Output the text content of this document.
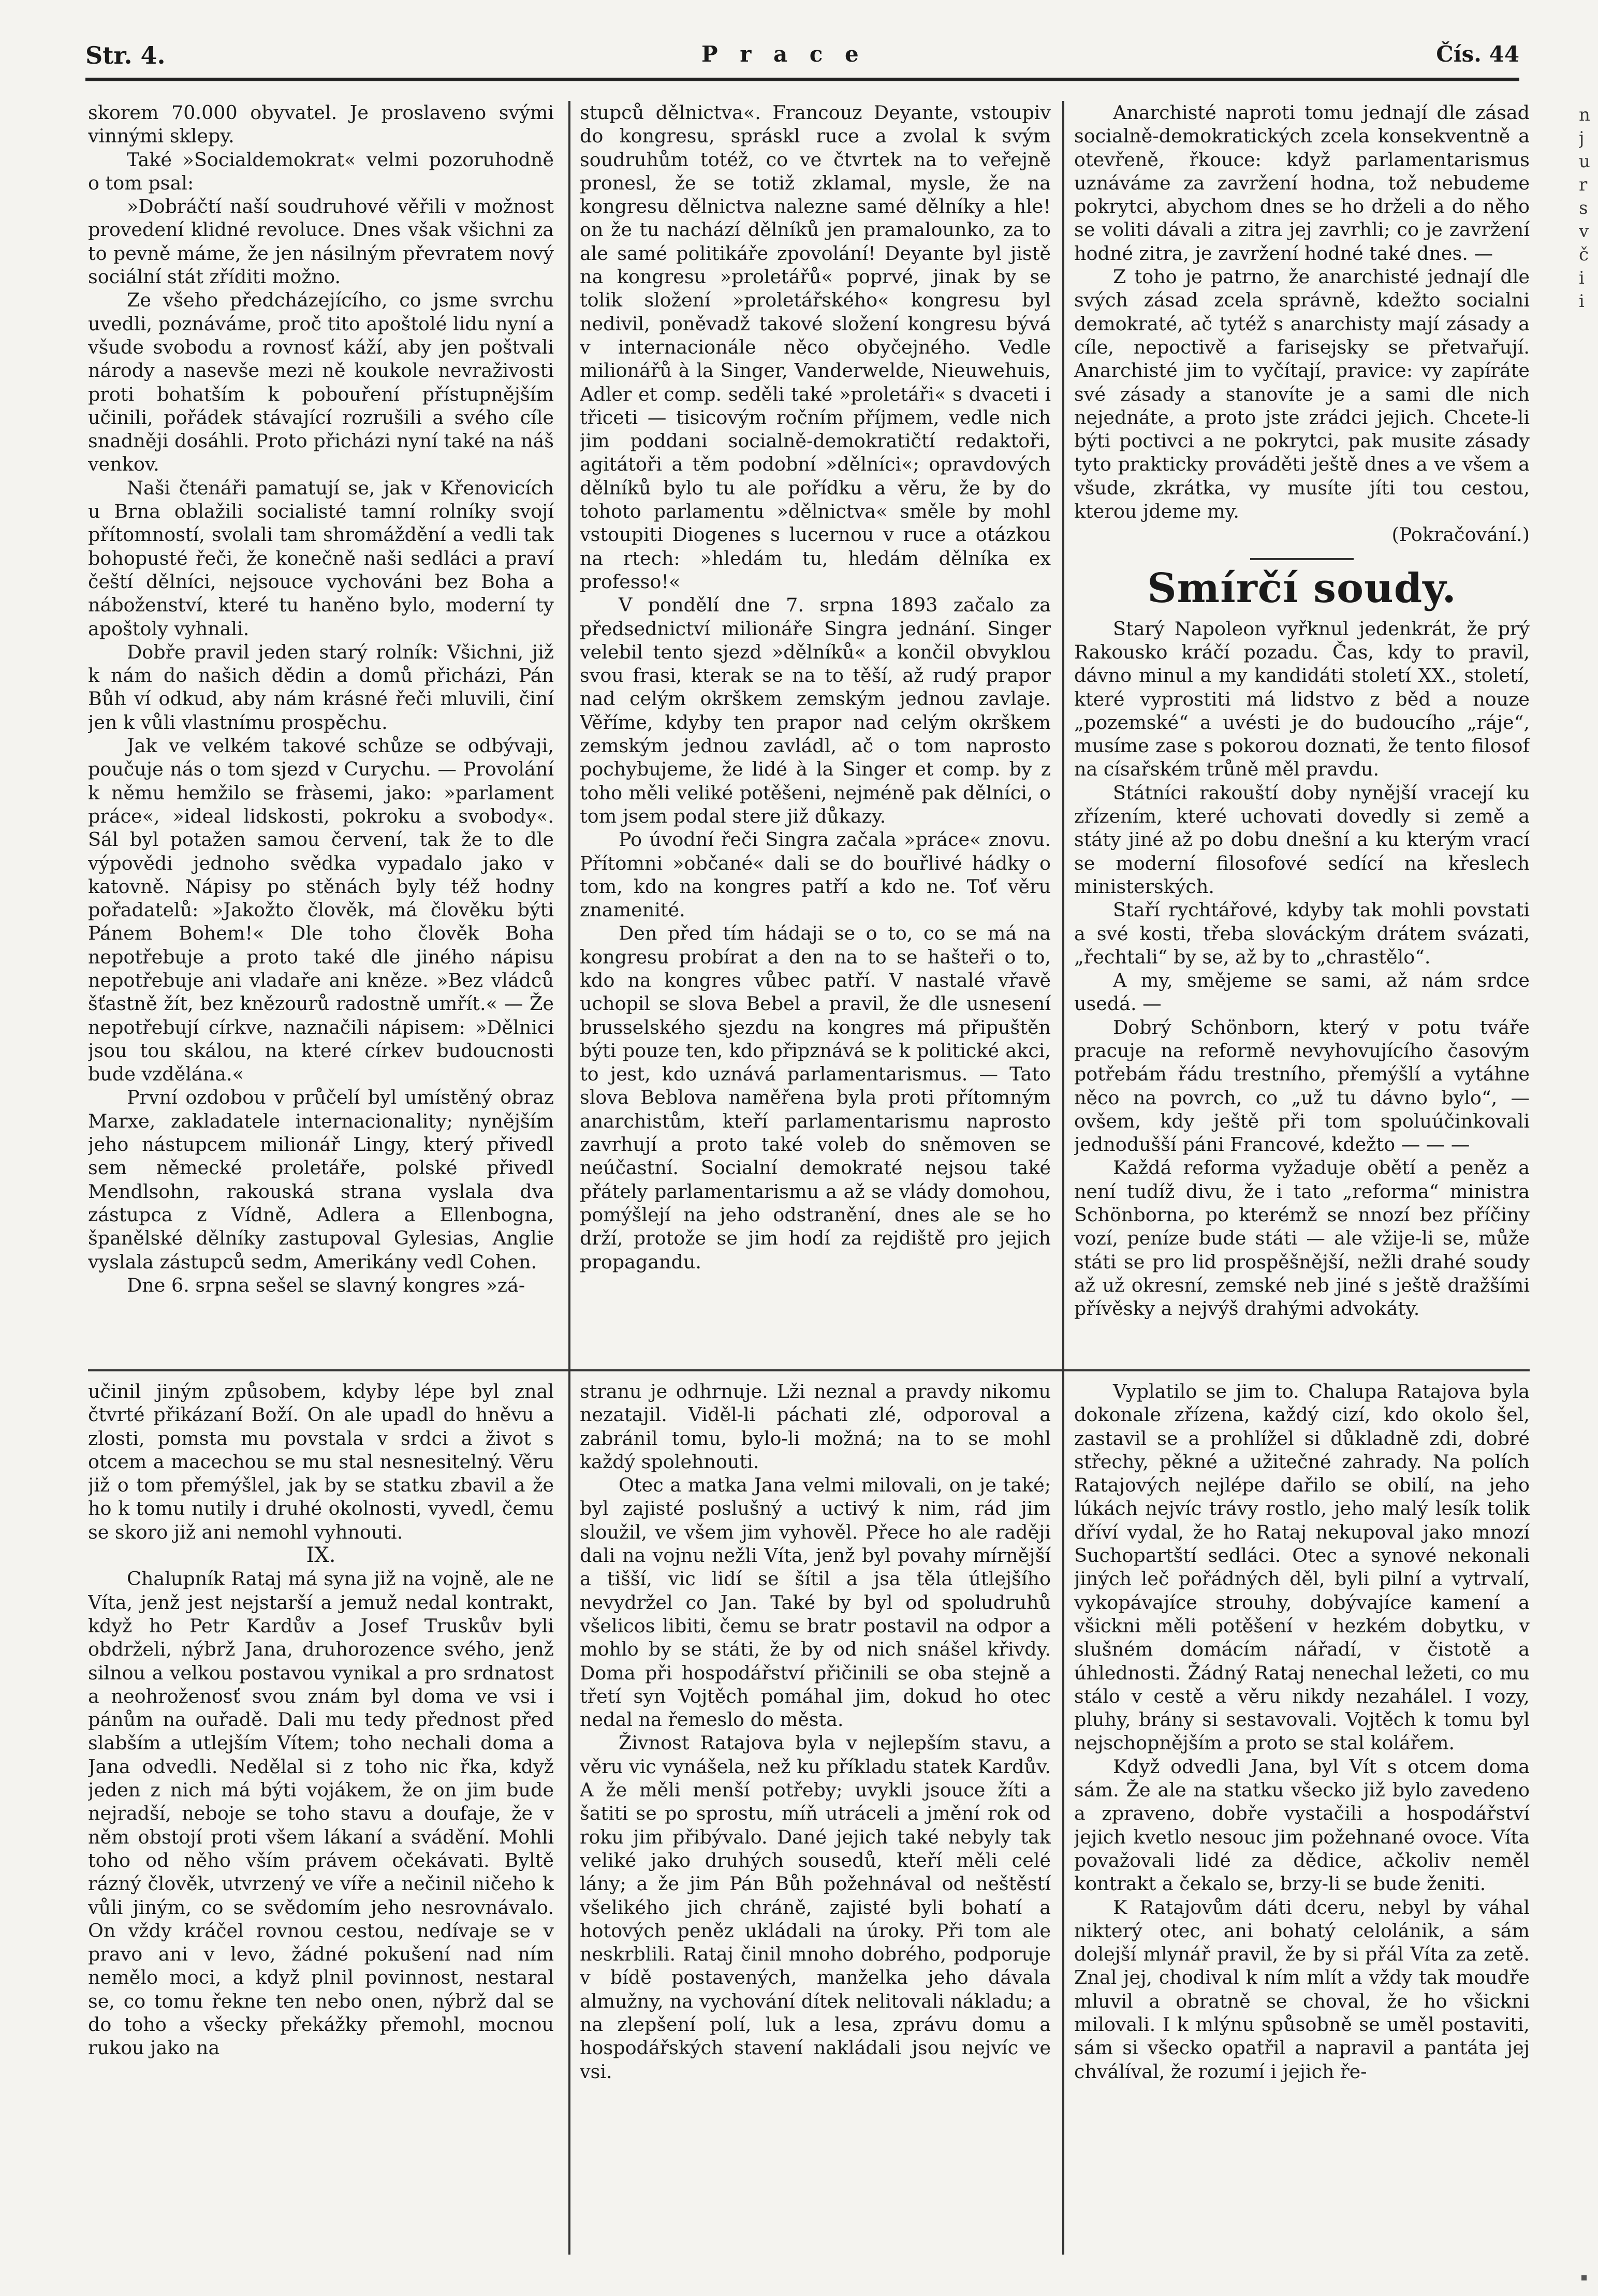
Str. 4.	P r a c e	Čís. 44

skorem 70.000 obyvatel. Je proslaveno svými vinnými sklepy.

Také »Socialdemokrat« velmi pozoruhodně o tom psal:

»Dobráčtí naší soudruhové věřili v možnost provedení klidné revoluce. Dnes však všichni za to pevně máme, že jen násilným převratem nový sociální stát zříditi možno.

Ze všeho předcházejícího, co jsme svrchu uvedli, poznáváme, proč tito apoštolé lidu nyní a všude svobodu a rovnosť káží, aby jen poštvali národy a nasevše mezi ně koukole nevraživosti proti bohatším k pobouření přístupnějším učinili, pořádek stávající rozrušili a svého cíle snadněji dosáhli. Proto přicházi nyní také na náš venkov.

Naši čtenáři pamatují se, jak v Křenovicích u Brna oblažili socialisté tamní rolníky svojí přítomností, svolali tam shromáždění a vedli tak bohopusté řeči, že konečně naši sedláci a praví čeští dělníci, nejsouce vychováni bez Boha a náboženství, které tu haněno bylo, moderní ty apoštoly vyhnali.

Dobře pravil jeden starý rolník: Všichni, již k nám do našich dědin a domů přicházi, Pán Bůh ví odkud, aby nám krásné řeči mluvili, činí jen k vůli vlastnímu prospěchu.

Jak ve velkém takové schůze se odbývaji, poučuje nás o tom sjezd v Curychu. — Provolání k němu hemžilo se fràsemi, jako: »parlament práce«, »ideal lidskosti, pokroku a svobody«. Sál byl potažen samou červení, tak že to dle výpovědi jednoho svědka vypadalo jako v katovně. Nápisy po stěnách byly též hodny pořadatelů: »Jakožto člověk, má člověku býti Pánem Bohem!« Dle toho člověk Boha nepotřebuje a proto také dle jiného nápisu nepotřebuje ani vladaře ani kněze. »Bez vládců šťastně žít, bez knězourů radostně umřít.« — Že nepotřebují církve, naznačili nápisem: »Dělnici jsou tou skálou, na které církev budoucnosti bude vzdělána.«

První ozdobou v průčelí byl umístěný obraz Marxe, zakladatele internacionality; nynějším jeho nástupcem milionář Lingy, který přivedl sem německé proletáře, polské přivedl Mendlsohn, rakouská strana vyslala dva zástupca z Vídně, Adlera a Ellenbogna, španělské dělníky zastupoval Gylesias, Anglie vyslala zástupců sedm, Amerikány vedl Cohen.

Dne 6. srpna sešel se slavný kongres »zá-

stupců dělnictva«. Francouz Deyante, vstoupiv do kongresu, spráskl ruce a zvolal k svým soudruhům totéž, co ve čtvrtek na to veřejně pronesl, že se totiž zklamal, mysle, že na kongresu dělnictva nalezne samé dělníky a hle! on že tu nachází dělníků jen pramalounko, za to ale samé politikáře zpovolání! Deyante byl jistě na kongresu »proletářů« poprvé, jinak by se tolik složení »proletářského« kongresu byl nedivil, poněvadž takové složení kongresu bývá v internacionále něco obyčejného. Vedle milionářů à la Singer, Vanderwelde, Nieuwehuis, Adler et comp. seděli také »proletáři« s dvaceti i třiceti — tisicovým ročním příjmem, vedle nich jim poddani socialně-demokratičtí redaktoři, agitátoři a těm podobní »dělníci«; opravdových dělníků bylo tu ale pořídku a věru, že by do tohoto parlamentu »dělnictva« směle by mohl vstoupiti Diogenes s lucernou v ruce a otázkou na rtech: »hledám tu, hledám dělníka ex professo!«

V pondělí dne 7. srpna 1893 začalo za předsednictví milionáře Singra jednání. Singer velebil tento sjezd »dělníků« a končil obvyklou svou frasi, kterak se na to těší, až rudý prapor nad celým okrškem zemským jednou zavlaje. Věříme, kdyby ten prapor nad celým okrškem zemským jednou zavládl, ač o tom naprosto pochybujeme, že lidé à la Singer et comp. by z toho měli veliké potěšeni, nejméně pak dělníci, o tom jsem podal stere již důkazy.

Po úvodní řeči Singra začala »práce« znovu. Přítomni »občané« dali se do bouřlivé hádky o tom, kdo na kongres patří a kdo ne. Toť věru znamenité.

Den před tím hádaji se o to, co se má na kongresu probírat a den na to se hašteři o to, kdo na kongres vůbec patří. V nastalé vřavě uchopil se slova Bebel a pravil, že dle usnesení brusselského sjezdu na kongres má připuštěn býti pouze ten, kdo připznává se k politické akci, to jest, kdo uznává parlamentarismus. — Tato slova Beblova naměřena byla proti přítomným anarchistům, kteří parlamentarismu naprosto zavrhují a proto také voleb do sněmoven se neúčastní. Socialní demokraté nejsou také přátely parlamentarismu a až se vlády domohou, pomýšlejí na jeho odstranění, dnes ale se ho drží, protože se jim hodí za rejdiště pro jejich propagandu.

Anarchisté naproti tomu jednají dle zásad socialně-demokratických zcela konsekventně a otevřeně, řkouce: když parlamentarismus uznáváme za zavržení hodna, tož nebudeme pokrytci, abychom dnes se ho drželi a do něho se voliti dávali a zitra jej zavrhli; co je zavržení hodné zitra, je zavržení hodné také dnes. —

Z toho je patrno, že anarchisté jednají dle svých zásad zcela správně, kdežto socialni demokraté, ač tytéž s anarchisty mají zásady a cíle, nepoctivě a farisejsky se přetvařují. Anarchisté jim to vyčítají, pravice: vy zapíráte své zásady a stanovíte je a sami dle nich nejednáte, a proto jste zrádci jejich. Chcete-li býti poctivci a ne pokrytci, pak musite zásady tyto prakticky prováděti ještě dnes a ve všem a všude, zkrátka, vy musíte jíti tou cestou, kterou jdeme my.

(Pokračování.)

Smírčí soudy.

Starý Napoleon vyřknul jedenkrát, že prý Rakousko kráčí pozadu. Čas, kdy to pravil, dávno minul a my kandidáti století XX., století, které vyprostiti má lidstvo z běd a nouze „pozemské“ a uvésti je do budoucího „ráje“, musíme zase s pokorou doznati, že tento filosof na císařském trůně měl pravdu.

Státníci rakouští doby nynější vracejí ku zřízením, které uchovati dovedly si země a státy jiné až po dobu dnešní a ku kterým vrací se moderní filosofové sedící na křeslech ministerských.

Staří rychtářové, kdyby tak mohli povstati a své kosti, třeba slováckým drátem svázati, „řechtali“ by se, až by to „chrastělo“.

A my, smějeme se sami, až nám srdce usedá. —

Dobrý Schönborn, který v potu tváře pracuje na reformě nevyhovujícího časovým potřebám řádu trestního, přemýšlí a vytáhne něco na povrch, co „už tu dávno bylo“, — ovšem, kdy ještě při tom spoluúčinkovali jednodušší páni Francové, kdežto — — —

Každá reforma vyžaduje obětí a peněz a není tudíž divu, že i tato „reforma“ ministra Schönborna, po kterémž se nnozí bez příčiny vozí, peníze bude státi — ale vžije-li se, může státi se pro lid prospěšnější, nežli drahé soudy až už okresní, zemské neb jiné s ještě dražšími přívěsky a nejvýš drahými advokáty.

učinil jiným způsobem, kdyby lépe byl znal čtvrté přikázaní Boží. On ale upadl do hněvu a zlosti, pomsta mu povstala v srdci a život s otcem a macechou se mu stal nesnesitelný. Věru již o tom přemýšlel, jak by se statku zbavil a že ho k tomu nutily i druhé okolnosti, vyvedl, čemu se skoro již ani nemohl vyhnouti.

IX.

Chalupník Rataj má syna již na vojně, ale ne Víta, jenž jest nejstarší a jemuž nedal kontrakt, když ho Petr Kardův a Josef Truskův byli obdrželi, nýbrž Jana, druhorozence svého, jenž silnou a velkou postavou vynikal a pro srdnatost a neohroženosť svou znám byl doma ve vsi i pánům na ouřadě. Dali mu tedy přednost před slabším a utlejším Vítem; toho nechali doma a Jana odvedli. Nedělal si z toho nic řka, když jeden z nich má býti vojákem, že on jim bude nejradší, neboje se toho stavu a doufaje, že v něm obstojí proti všem lákaní a svádění. Mohli toho od něho vším právem očekávati. Byltě rázný člověk, utvrzený ve víře a nečinil ničeho k vůli jiným, co se svědomím jeho nesrovnávalo. On vždy kráčel rovnou cestou, nedívaje se v pravo ani v levo, žádné pokušení nad ním nemělo moci, a když plnil povinnost, nestaral se, co tomu řekne ten nebo onen, nýbrž dal se do toho a všecky překážky přemohl, mocnou rukou jako na

stranu je odhrnuje. Lži neznal a pravdy nikomu nezatajil. Viděl-li páchati zlé, odporoval a zabránil tomu, bylo-li možná; na to se mohl každý spolehnouti.

Otec a matka Jana velmi milovali, on je také; byl zajisté poslušný a uctivý k nim, rád jim sloužil, ve všem jim vyhověl. Přece ho ale raději dali na vojnu nežli Víta, jenž byl povahy mírnější a tišší, vic lidí se šítil a jsa těla útlejšího nevydržel co Jan. Také by byl od spoludruhů všelicos libiti, čemu se bratr postavil na odpor a mohlo by se státi, že by od nich snášel křivdy. Doma při hospodářství přičinili se oba stejně a třetí syn Vojtěch pomáhal jim, dokud ho otec nedal na řemeslo do města.

Živnost Ratajova byla v nejlepším stavu, a věru vic vynášela, než ku příkladu statek Kardův. A že měli menší potřeby; uvykli jsouce žíti a šatiti se po sprostu, míň utráceli a jmění rok od roku jim přibývalo. Dané jejich také nebyly tak veliké jako druhých sousedů, kteří měli celé lány; a že jim Pán Bůh požehnával od neštěstí všelikého jich chráně, zajisté byli bohatí a hotových peněz ukládali na úroky. Při tom ale neskrblili. Rataj činil mnoho dobrého, podporuje v bídě postavených, manželka jeho dávala almužny, na vychování dítek nelitovali nákladu; a na zlepšení polí, luk a lesa, zprávu domu a hospodářských stavení nakládali jsou nejvíc ve vsi.

Vyplatilo se jim to. Chalupa Ratajova byla dokonale zřízena, každý cizí, kdo okolo šel, zastavil se a prohlížel si důkladně zdi, dobré střechy, pěkné a užitečné zahrady. Na polích Ratajových nejlépe dařilo se obilí, na jeho lúkách nejvíc trávy rostlo, jeho malý lesík tolik dříví vydal, že ho Rataj nekupoval jako mnozí Suchopartští sedláci. Otec a synové nekonali jiných leč pořádných děl, byli pilní a vytrvalí, vykopávajíce strouhy, dobývajíce kamení a všickni měli potěšení v hezkém dobytku, v slušném domácím nářadí, v čistotě a úhlednosti. Žádný Rataj nenechal ležeti, co mu stálo v cestě a věru nikdy nezahálel. I vozy, pluhy, brány si sestavovali. Vojtěch k tomu byl nejschopnějším a proto se stal kolářem.

Když odvedli Jana, byl Vít s otcem doma sám. Že ale na statku všecko již bylo zavedeno a zpraveno, dobře vystačili a hospodářství jejich kvetlo nesouc jim požehnané ovoce. Víta považovali lidé za dědice, ačkoliv neměl kontrakt a čekalo se, brzy-li se bude ženiti.

K Ratajovům dáti dceru, nebyl by váhal nikterý otec, ani bohatý celolánik, a sám dolejší mlynář pravil, že by si přál Víta za zetě. Znal jej, chodival k ním mlít a vždy tak moudře mluvil a obratně se choval, že ho všickni milovali. I k mlýnu spůsobně se uměl postaviti, sám si všecko opatřil a napravil a pantáta jej chválíval, že rozumí i jejich ře-

n
j
u
r
s
v
č
i
i
